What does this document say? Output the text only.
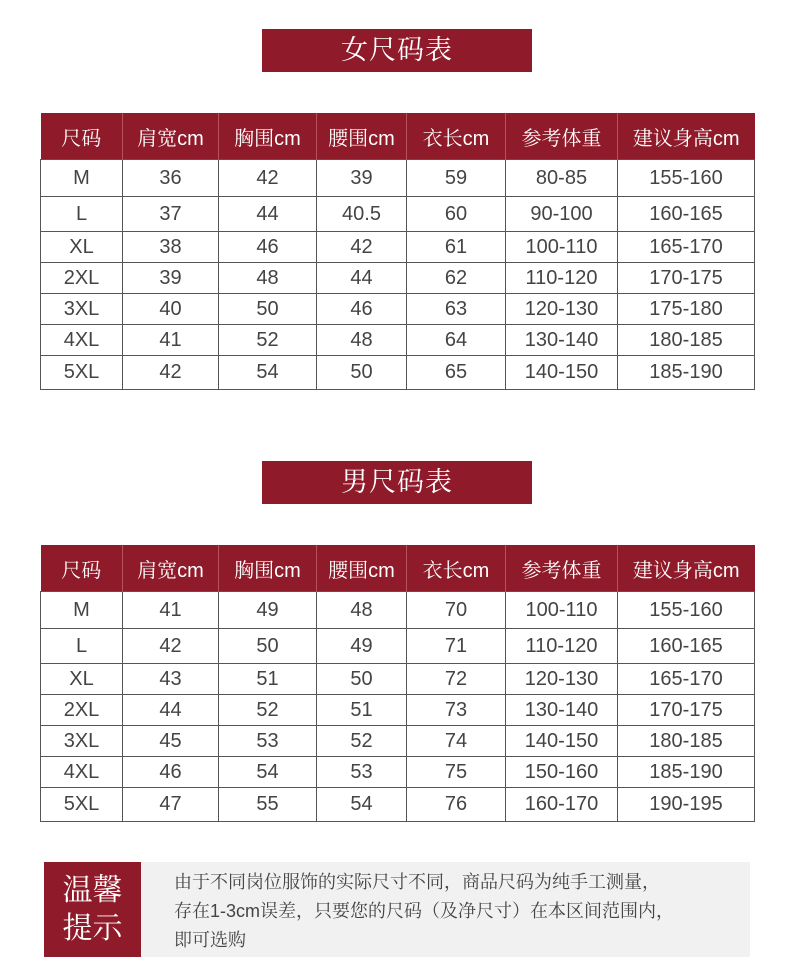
女尺码表
尺码	肩宽cm	胸围cm	腰围cm	衣长cm	参考体重	建议身高cm
M	36	42	39	59	80-85	155-160
L	37	44	40.5	60	90-100	160-165
XL	38	46	42	61	100-110	165-170
2XL	39	48	44	62	110-120	170-175
3XL	40	50	46	63	120-130	175-180
4XL	41	52	48	64	130-140	180-185
5XL	42	54	50	65	140-150	185-190
男尺码表
尺码	肩宽cm	胸围cm	腰围cm	衣长cm	参考体重	建议身高cm
M	41	49	48	70	100-110	155-160
L	42	50	49	71	110-120	160-165
XL	43	51	50	72	120-130	165-170
2XL	44	52	51	73	130-140	170-175
3XL	45	53	52	74	140-150	180-185
4XL	46	54	53	75	150-160	185-190
5XL	47	55	54	76	160-170	190-195
温馨
提示
由于不同岗位服饰的实际尺寸不同，商品尺码为纯手工测量，
存在1-3cm误差，只要您的尺码（及净尺寸）在本区间范围内，
即可选购
